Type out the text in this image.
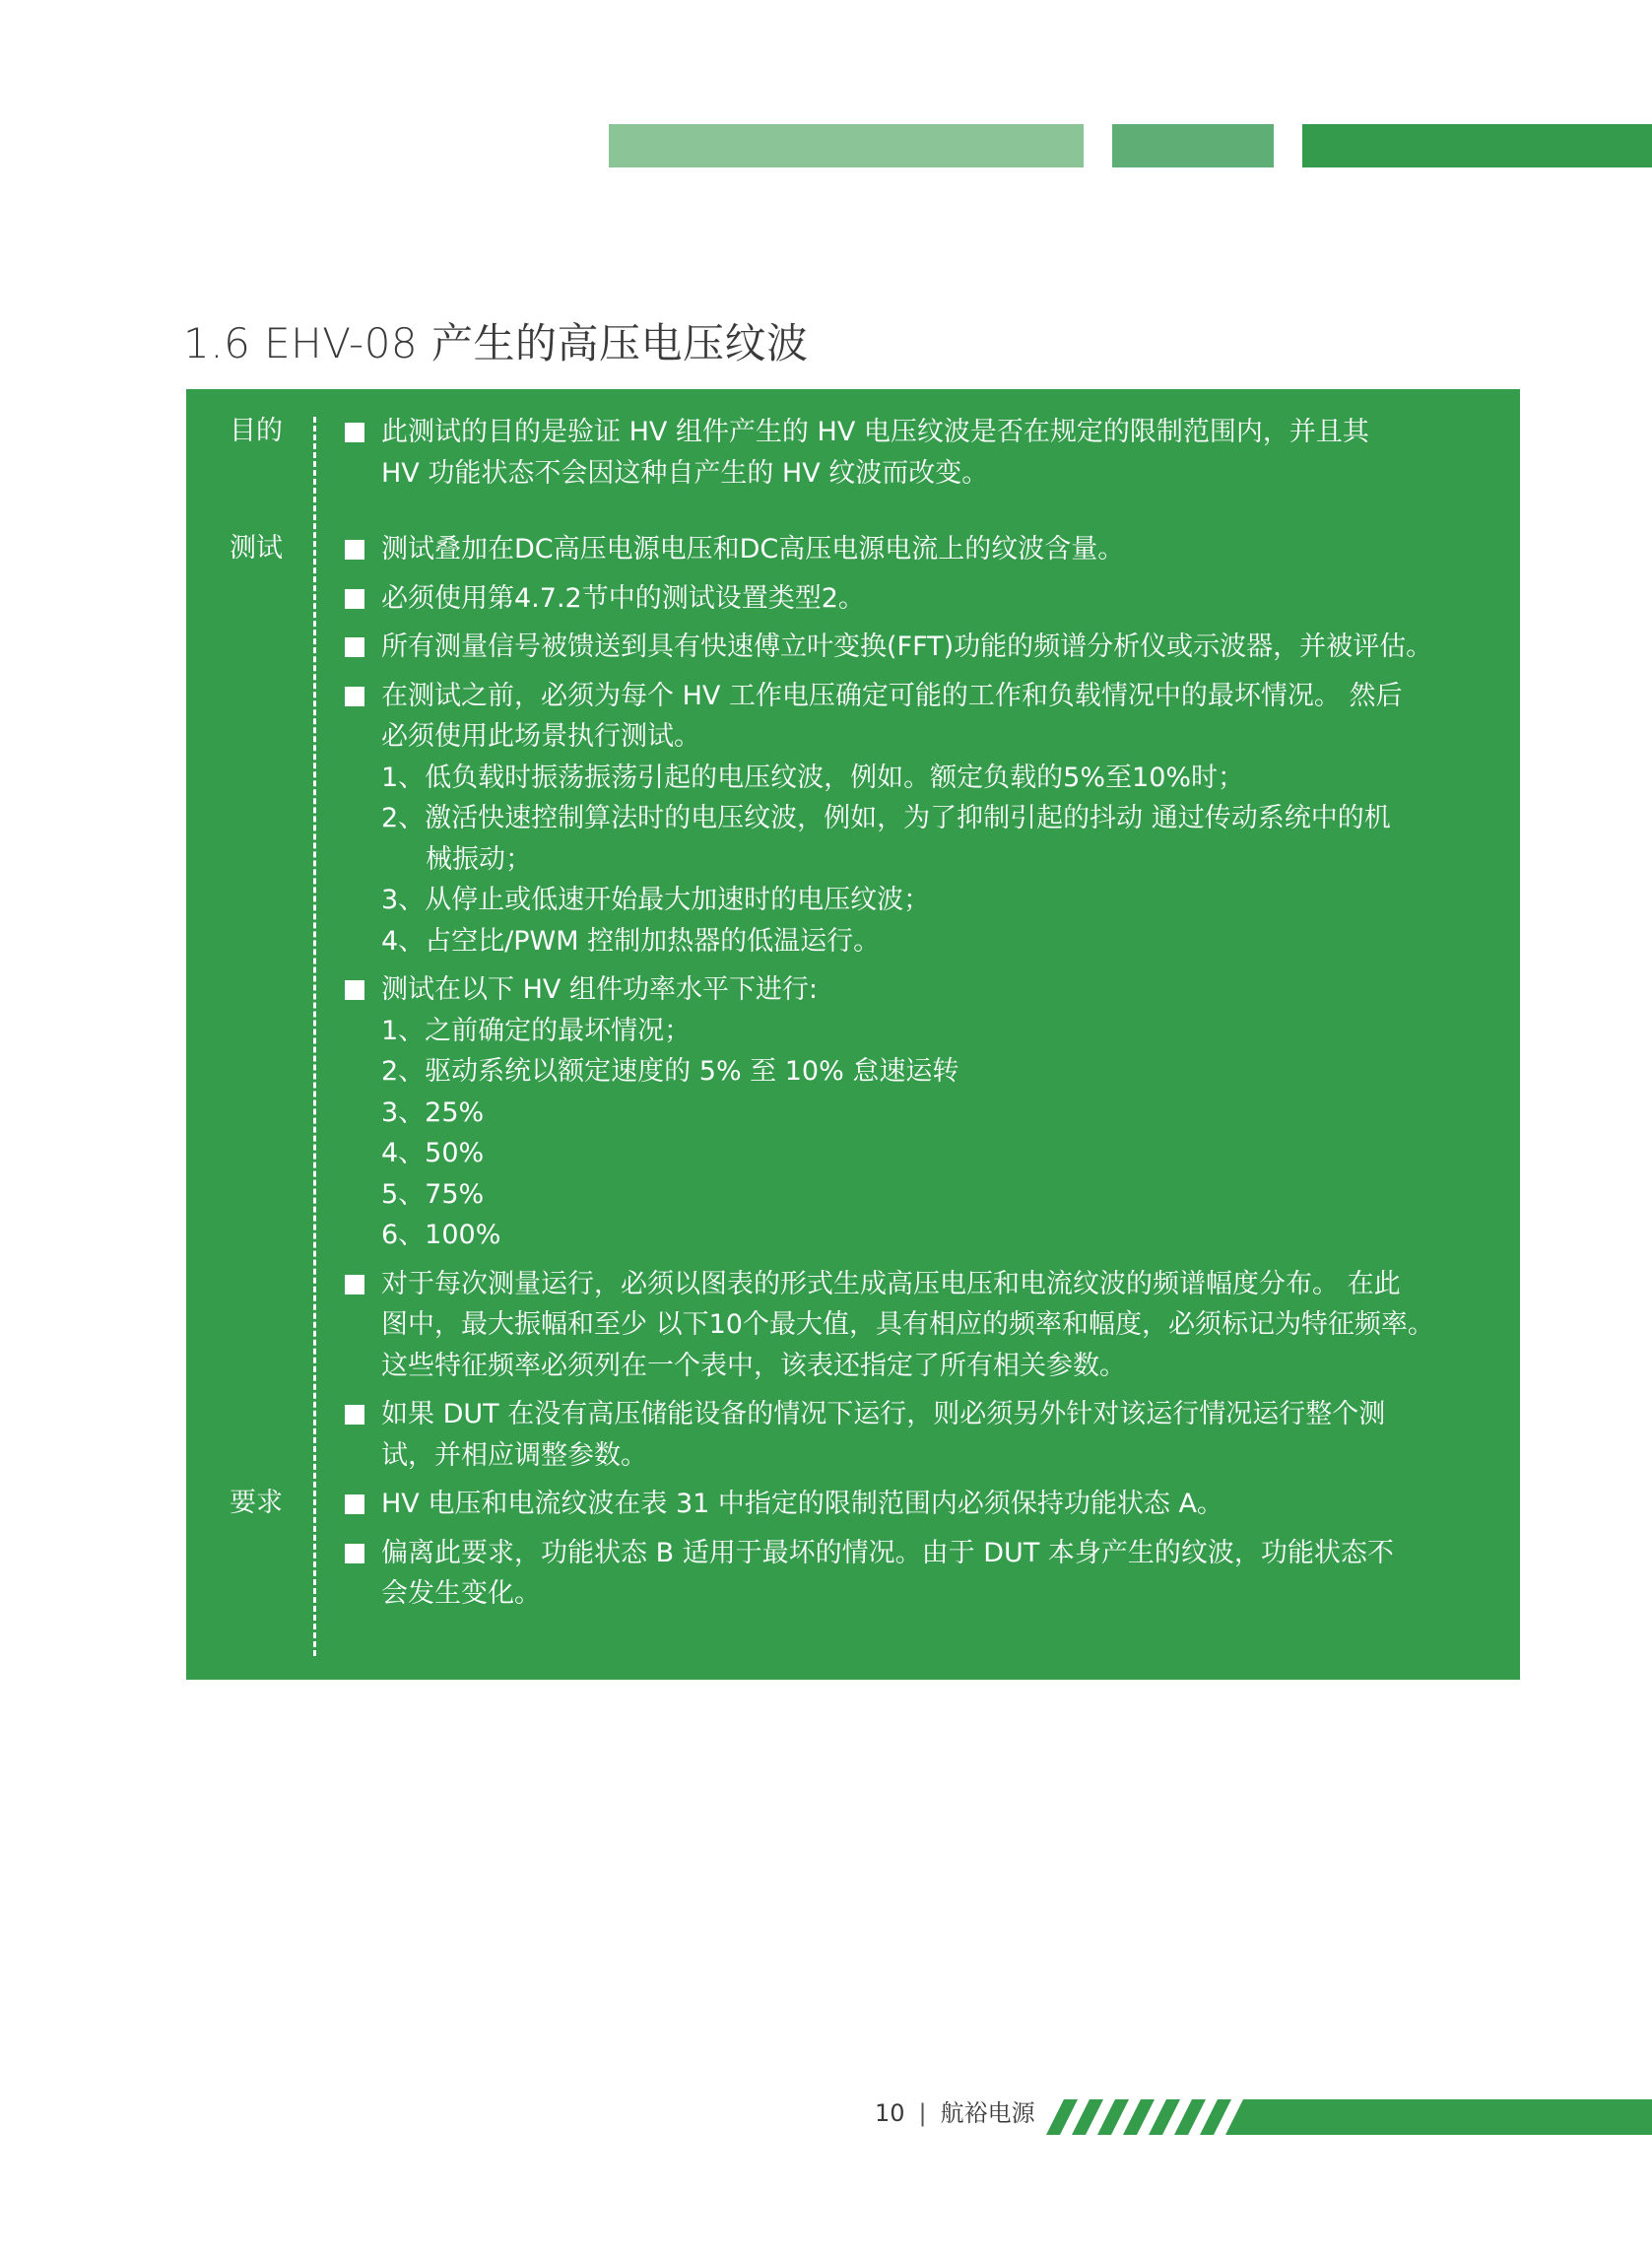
1.6 EHV-08 产生的高压电压纹波
此测试的目的是验证 HV 组件产生的 HV 电压纹波是否在规定的限制范围内，并且其
HV 功能状态不会因这种自产生的 HV 纹波而改变。
测试叠加在DC高压电源电压和DC高压电源电流上的纹波含量。
必须使用第4.7.2节中的测试设置类型2。
所有测量信号被馈送到具有快速傅立叶变换(FFT)功能的频谱分析仪或示波器，并被评估。
在测试之前，必须为每个 HV 工作电压确定可能的工作和负载情况中的最坏情况。 然后
必须使用此场景执行测试。
1、低负载时振荡振荡引起的电压纹波，例如。额定负载的5%至10%时；
2、激活快速控制算法时的电压纹波，例如，为了抑制引起的抖动 通过传动系统中的机
械振动；
3、从停止或低速开始最大加速时的电压纹波；
4、占空比/PWM 控制加热器的低温运行。
测试在以下 HV 组件功率水平下进行:
1、之前确定的最坏情况；
2、驱动系统以额定速度的 5% 至 10% 怠速运转
3、25%
4、50%
5、75%
6、100%
对于每次测量运行，必须以图表的形式生成高压电压和电流纹波的频谱幅度分布。 在此
图中，最大振幅和至少 以下10个最大值，具有相应的频率和幅度，必须标记为特征频率。
这些特征频率必须列在一个表中，该表还指定了所有相关参数。
如果 DUT 在没有高压储能设备的情况下运行，则必须另外针对该运行情况运行整个测
试，并相应调整参数。
HV 电压和电流纹波在表 31 中指定的限制范围内必须保持功能状态 A。
偏离此要求，功能状态 B 适用于最坏的情况。由于 DUT 本身产生的纹波，功能状态不
会发生变化。
目的
测试
要求
10 | 航裕电源
